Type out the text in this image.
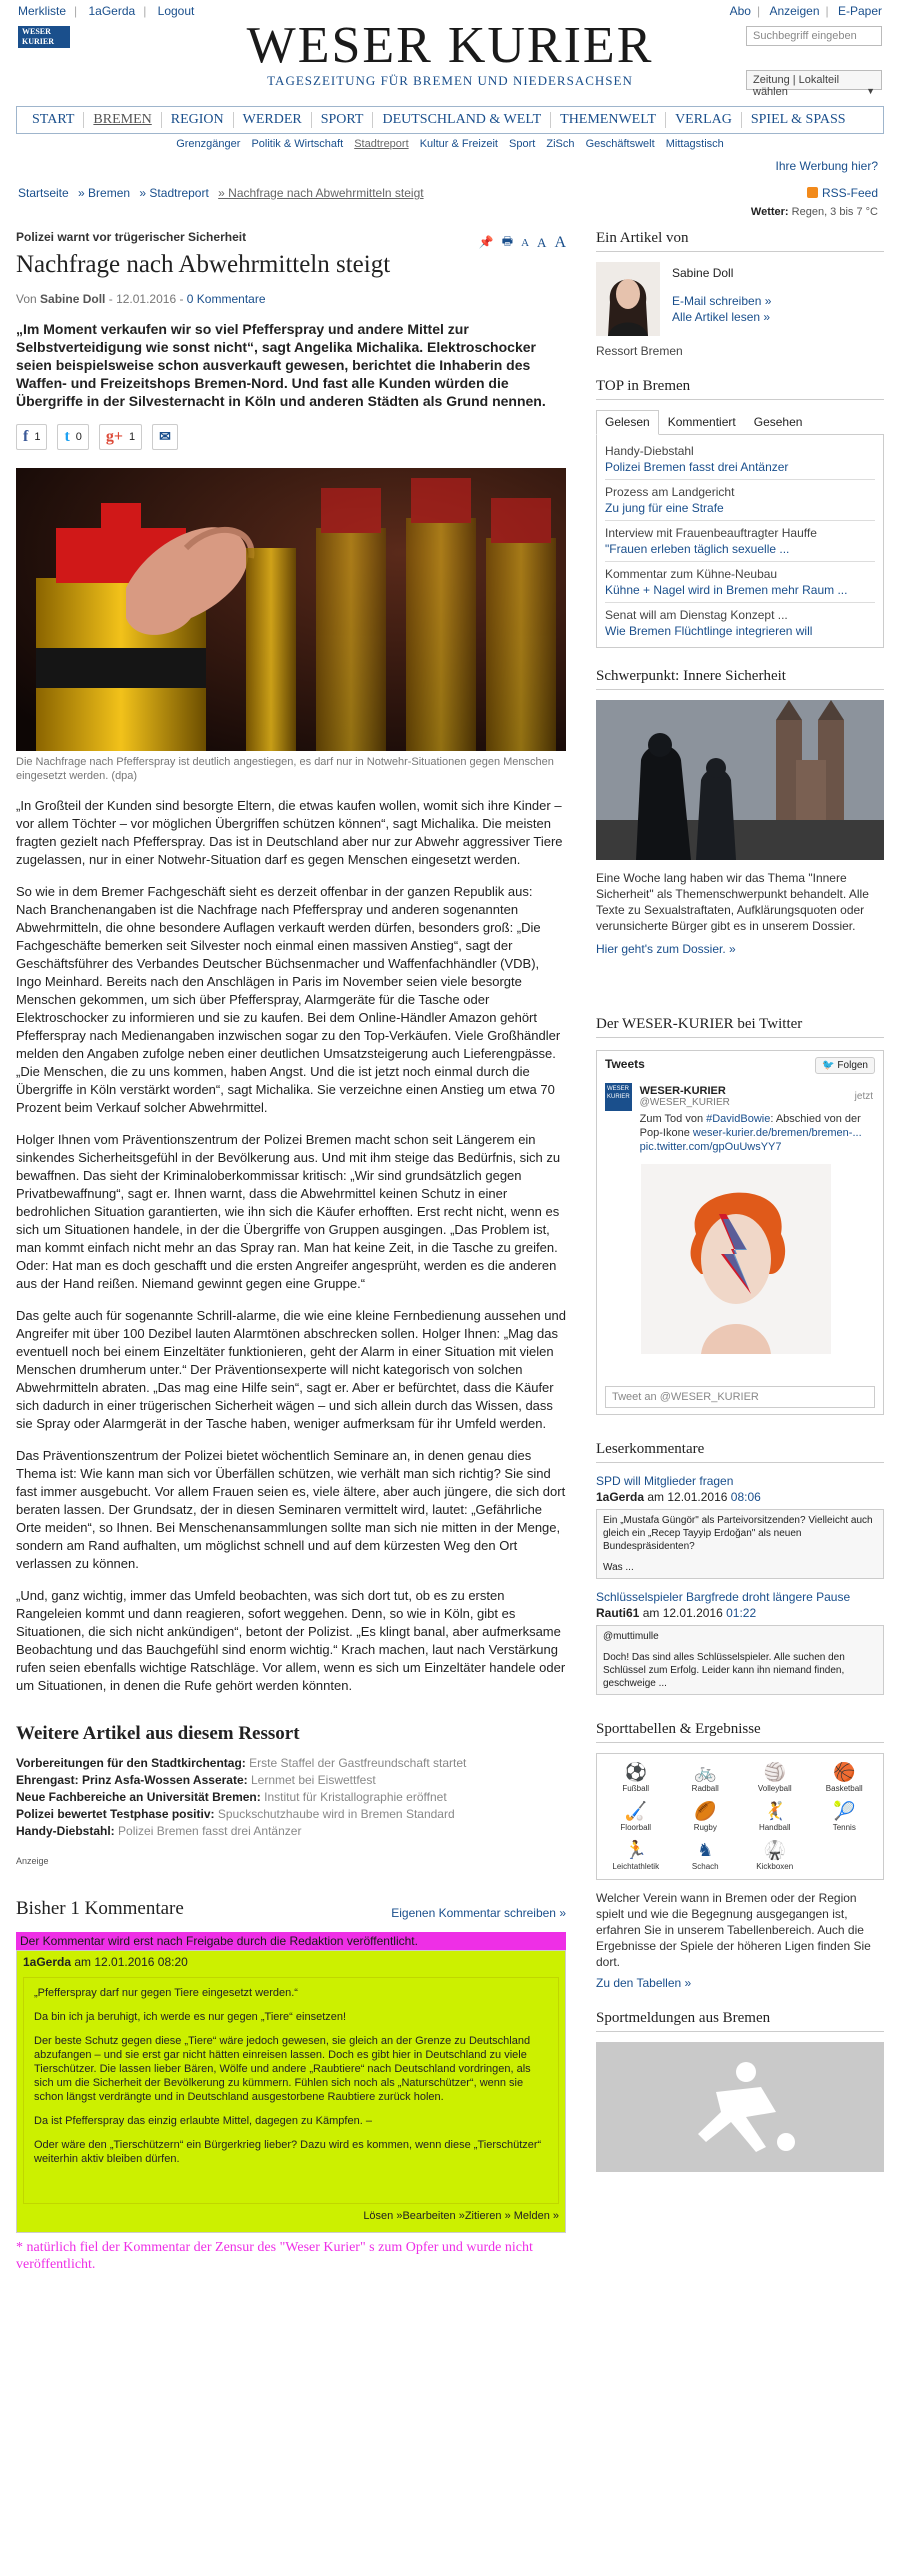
Merkliste | 1aGerda | Logout	Abo | Anzeigen | E-Paper
WESER KURIER	WESER KURIER
TAGESZEITUNG FÜR BREMEN UND NIEDERSACHSEN
Suchbegriff eingeben
Zeitung | Lokalteil wählen	▼
START	BREMEN	REGION	WERDER	SPORT	DEUTSCHLAND & WELT	THEMENWELT	VERLAG	SPIEL & SPASS
Grenzgänger Politik & Wirtschaft Stadtreport Kultur & Freizeit Sport ZiSch Geschäftswelt Mittagstisch
Ihre Werbung hier?
Startseite » Bremen » Stadtreport » Nachfrage nach Abwehrmitteln steigt	RSS-Feed
Wetter: Regen, 3 bis 7 °C
Polizei warnt vor trügerischer Sicherheit	📌 🖶 A A A
Nachfrage nach Abwehrmitteln steigt
Von Sabine Doll - 12.01.2016 - 0 Kommentare
„Im Moment verkaufen wir so viel Pfefferspray und andere Mittel zur Selbstverteidigung wie sonst nicht“, sagt Angelika Michalika. Elektroschocker seien beispielsweise schon ausverkauft gewesen, berichtet die Inhaberin des Waffen- und Freizeitshops Bremen-Nord. Und fast alle Kunden würden die Übergriffe in der Silvesternacht in Köln und anderen Städten als Grund nennen.
f 1 t 0 g+ 1 ✉
Die Nachfrage nach Pfefferspray ist deutlich angestiegen, es darf nur in Notwehr-Situationen gegen Menschen eingesetzt werden. (dpa)

„In Großteil der Kunden sind besorgte Eltern, die etwas kaufen wollen, womit sich ihre Kinder – vor allem Töchter – vor möglichen Übergriffen schützen können“, sagt Michalika. Die meisten fragten gezielt nach Pfefferspray. Das ist in Deutschland aber nur zur Abwehr aggressiver Tiere zugelassen, nur in einer Notwehr-Situation darf es gegen Menschen eingesetzt werden.

So wie in dem Bremer Fachgeschäft sieht es derzeit offenbar in der ganzen Republik aus: Nach Branchenangaben ist die Nachfrage nach Pfefferspray und anderen sogenannten Abwehrmitteln, die ohne besondere Auflagen verkauft werden dürfen, besonders groß: „Die Fachgeschäfte bemerken seit Silvester noch einmal einen massiven Anstieg“, sagt der Geschäftsführer des Verbandes Deutscher Büchsenmacher und Waffenfachhändler (VDB), Ingo Meinhard. Bereits nach den Anschlägen in Paris im November seien viele besorgte Menschen gekommen, um sich über Pfefferspray, Alarmgeräte für die Tasche oder Elektroschocker zu informieren und sie zu kaufen. Bei dem Online-Händler Amazon gehört Pfefferspray nach Medienangaben inzwischen sogar zu den Top-Verkäufen. Viele Großhändler melden den Angaben zufolge neben einer deutlichen Umsatzsteigerung auch Lieferengpässe. „Die Menschen, die zu uns kommen, haben Angst. Und die ist jetzt noch einmal durch die Übergriffe in Köln verstärkt worden“, sagt Michalika. Sie verzeichne einen Anstieg um etwa 70 Prozent beim Verkauf solcher Abwehrmittel.

Holger Ihnen vom Präventionszentrum der Polizei Bremen macht schon seit Längerem ein sinkendes Sicherheitsgefühl in der Bevölkerung aus. Und mit ihm steige das Bedürfnis, sich zu bewaffnen. Das sieht der Kriminaloberkommissar kritisch: „Wir sind grundsätzlich gegen Privatbewaffnung“, sagt er. Ihnen warnt, dass die Abwehrmittel keinen Schutz in einer bedrohlichen Situation garantierten, wie ihn sich die Käufer erhofften. Erst recht nicht, wenn es sich um Situationen handele, in der die Übergriffe von Gruppen ausgingen. „Das Problem ist, man kommt einfach nicht mehr an das Spray ran. Man hat keine Zeit, in die Tasche zu greifen. Oder: Hat man es doch geschafft und die ersten Angreifer angesprüht, werden es die anderen aus der Hand reißen. Niemand gewinnt gegen eine Gruppe.“

Das gelte auch für sogenannte Schrill-alarme, die wie eine kleine Fernbedienung aussehen und Angreifer mit über 100 Dezibel lauten Alarmtönen abschrecken sollen. Holger Ihnen: „Mag das eventuell noch bei einem Einzeltäter funktionieren, geht der Alarm in einer Situation mit vielen Menschen drumherum unter.“ Der Präventionsexperte will nicht kategorisch von solchen Abwehrmitteln abraten. „Das mag eine Hilfe sein“, sagt er. Aber er befürchtet, dass die Käufer sich dadurch in einer trügerischen Sicherheit wägen – und sich allein durch das Wissen, dass sie Spray oder Alarmgerät in der Tasche haben, weniger aufmerksam für ihr Umfeld werden.

Das Präventionszentrum der Polizei bietet wöchentlich Seminare an, in denen genau dies Thema ist: Wie kann man sich vor Überfällen schützen, wie verhält man sich richtig? Sie sind fast immer ausgebucht. Vor allem Frauen seien es, viele ältere, aber auch jüngere, die sich dort beraten lassen. Der Grundsatz, der in diesen Seminaren vermittelt wird, lautet: „Gefährliche Orte meiden“, so Ihnen. Bei Menschenansammlungen sollte man sich nie mitten in der Menge, sondern am Rand aufhalten, um möglichst schnell und auf dem kürzesten Weg den Ort verlassen zu können.

„Und, ganz wichtig, immer das Umfeld beobachten, was sich dort tut, ob es zu ersten Rangeleien kommt und dann reagieren, sofort weggehen. Denn, so wie in Köln, gibt es Situationen, die sich nicht ankündigen“, betont der Polizist. „Es klingt banal, aber aufmerksame Beobachtung und das Bauchgefühl sind enorm wichtig.“ Krach machen, laut nach Verstärkung rufen seien ebenfalls wichtige Ratschläge. Vor allem, wenn es sich um Einzeltäter handele oder um Situationen, in denen die Rufe gehört werden könnten.

Weitere Artikel aus diesem Ressort
Vorbereitungen für den Stadtkirchentag: Erste Staffel der Gastfreundschaft startet
Ehrengast: Prinz Asfa-Wossen Asserate: Lernmet bei Eiswettfest
Neue Fachbereiche an Universität Bremen: Institut für Kristallographie eröffnet
Polizei bewertet Testphase positiv: Spuckschutzhaube wird in Bremen Standard
Handy-Diebstahl: Polizei Bremen fasst drei Antänzer
Anzeige
Bisher 1 Kommentare	Eigenen Kommentar schreiben »
Der Kommentar wird erst nach Freigabe durch die Redaktion veröffentlicht.
1aGerda am 12.01.2016 08:20

„Pfefferspray darf nur gegen Tiere eingesetzt werden.“

Da bin ich ja beruhigt, ich werde es nur gegen „Tiere“ einsetzen!

Der beste Schutz gegen diese „Tiere“ wäre jedoch gewesen, sie gleich an der Grenze zu Deutschland abzufangen – und sie erst gar nicht hätten einreisen lassen. Doch es gibt hier in Deutschland zu viele Tierschützer. Die lassen lieber Bären, Wölfe und andere „Raubtiere“ nach Deutschland vordringen, als sich um die Sicherheit der Bevölkerung zu kümmern. Fühlen sich noch als „Naturschützer“, wenn sie schon längst verdrängte und in Deutschland ausgestorbene Raubtiere zurück holen.

Da ist Pfefferspray das einzig erlaubte Mittel, dagegen zu Kämpfen. –

Oder wäre den „Tierschützern“ ein Bürgerkrieg lieber? Dazu wird es kommen, wenn diese „Tierschützer“ weiterhin aktiv bleiben dürfen.

Lösen »Bearbeiten »Zitieren » Melden »
* natürlich fiel der Kommentar der Zensur des "Weser Kurier" s zum Opfer und wurde nicht veröffentlicht.
Ein Artikel von
Sabine Doll
E-Mail schreiben »
Alle Artikel lesen »
Ressort Bremen
TOP in Bremen
Gelesen	Kommentiert	Gesehen
Handy-Diebstahl
Polizei Bremen fasst drei Antänzer
Prozess am Landgericht
Zu jung für eine Strafe
Interview mit Frauenbeauftragter Hauffe
"Frauen erleben täglich sexuelle ...
Kommentar zum Kühne-Neubau
Kühne + Nagel wird in Bremen mehr Raum ...
Senat will am Dienstag Konzept ...
Wie Bremen Flüchtlinge integrieren will
Schwerpunkt: Innere Sicherheit
Eine Woche lang haben wir das Thema "Innere Sicherheit" als Themenschwerpunkt behandelt. Alle Texte zu Sexualstraftaten, Aufklärungsquoten oder verunsicherte Bürger gibt es in unserem Dossier.
Hier geht's zum Dossier. »
Der WESER-KURIER bei Twitter
Tweets	🐦 Folgen
jetzt
WESER KURIER WESER-KURIER
@WESER_KURIER
Zum Tod von #DavidBowie: Abschied von der Pop-Ikone weser-kurier.de/bremen/bremen-... pic.twitter.com/gpOuUwsYY7
Tweet an @WESER_KURIER
Leserkommentare
SPD will Mitglieder fragen
1aGerda am 12.01.2016 08:06
Ein „Mustafa Güngör" als Parteivorsitzenden? Vielleicht auch gleich ein „Recep Tayyip Erdoğan" als neuen Bundespräsidenten?
Was ...
Schlüsselspieler Bargfrede droht längere Pause
Rauti61 am 12.01.2016 01:22
@muttimulle
Doch! Das sind alles Schlüsselspieler. Alle suchen den Schlüssel zum Erfolg. Leider kann ihn niemand finden, geschweige ...
Sporttabellen & Ergebnisse
⚽
Fußball
🚲
Radball
🏐
Volleyball
🏀
Basketball
🏑
Floorball
🏉
Rugby
🤾
Handball
🎾
Tennis
🏃
Leichtathletik
♞
Schach
🥋
Kickboxen
Welcher Verein wann in Bremen oder der Region spielt und wie die Begegnung ausgegangen ist, erfahren Sie in unserem Tabellenbereich. Auch die Ergebnisse der Spiele der höheren Ligen finden Sie dort.
Zu den Tabellen »
Sportmeldungen aus Bremen
